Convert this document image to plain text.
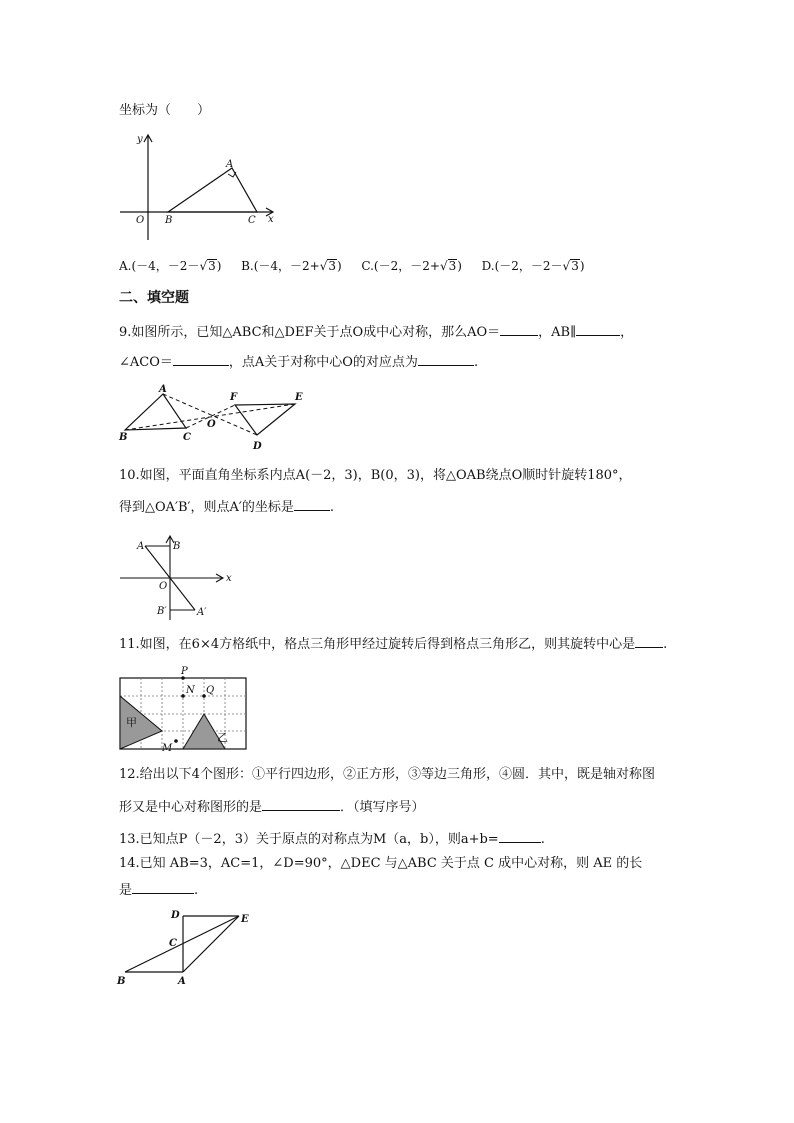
坐标为（　　）
y
x
O B
A
C
A.(－4，－2－√3) B.(－4，－2+√3) C.(－2，－2+√3) D.(－2，－2－√3)
二、填空题
9.如图所示，已知△ABC和△DEF关于点O成中心对称，那么AO＝	，AB∥	，
∠ACO＝	，点A关于对称中心O的对应点为	.
A
B	C
O
F	E
D
10.如图，平面直角坐标系内点A(－2，3)，B(0，3)，将△OAB绕点O顺时针旋转180°，
得到△OA′B′，则点A′的坐标是	.
A	B
O
x
B′	A′
11.如图，在6×4方格纸中，格点三角形甲经过旋转后得到格点三角形乙，则其旋转中心是 .
P
N Q
M
甲
乙
12.给出以下4个图形：①平行四边形，②正方形，③等边三角形，④圆．其中，既是轴对称图
形又是中心对称图形的是	．（填写序号）
13.已知点P（－2，3）关于原点的对称点为M（a，b），则a+b=	.
14.已知 AB=3，AC=1，∠D=90°，△DEC 与△ABC 关于点 C 成中心对称，则 AE 的长
是	.
D	E
C
B	A
